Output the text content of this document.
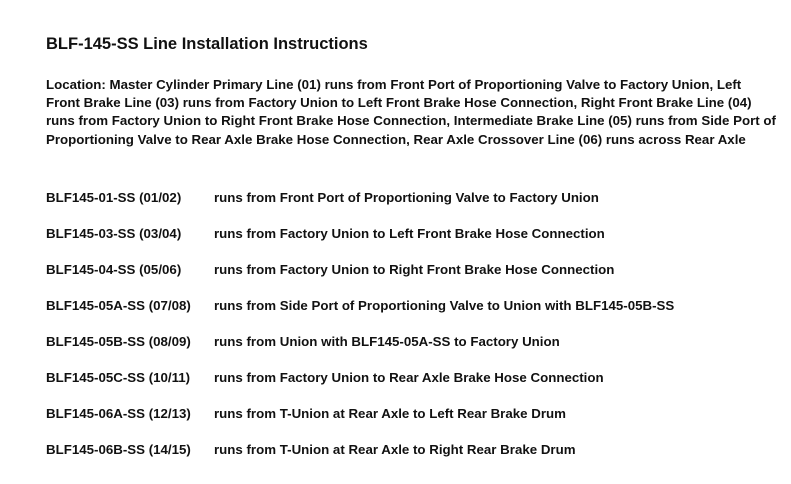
BLF-145-SS Line Installation Instructions

Location: Master Cylinder Primary Line (01) runs from Front Port of Proportioning Valve to Factory Union, Left Front Brake Line (03) runs from Factory Union to Left Front Brake Hose Connection, Right Front Brake Line (04) runs from Factory Union to Right Front Brake Hose Connection, Intermediate Brake Line (05) runs from Side Port of Proportioning Valve to Rear Axle Brake Hose Connection, Rear Axle Crossover Line (06) runs across Rear Axle

BLF145-01-SS (01/02)	runs from Front Port of Proportioning Valve to Factory Union
BLF145-03-SS (03/04)	runs from Factory Union to Left Front Brake Hose Connection
BLF145-04-SS (05/06)	runs from Factory Union to Right Front Brake Hose Connection
BLF145-05A-SS (07/08)	runs from Side Port of Proportioning Valve to Union with BLF145-05B-SS
BLF145-05B-SS (08/09)	runs from Union with BLF145-05A-SS to Factory Union
BLF145-05C-SS (10/11)	runs from Factory Union to Rear Axle Brake Hose Connection
BLF145-06A-SS (12/13)	runs from T-Union at Rear Axle to Left Rear Brake Drum
BLF145-06B-SS (14/15)	runs from T-Union at Rear Axle to Right Rear Brake Drum
